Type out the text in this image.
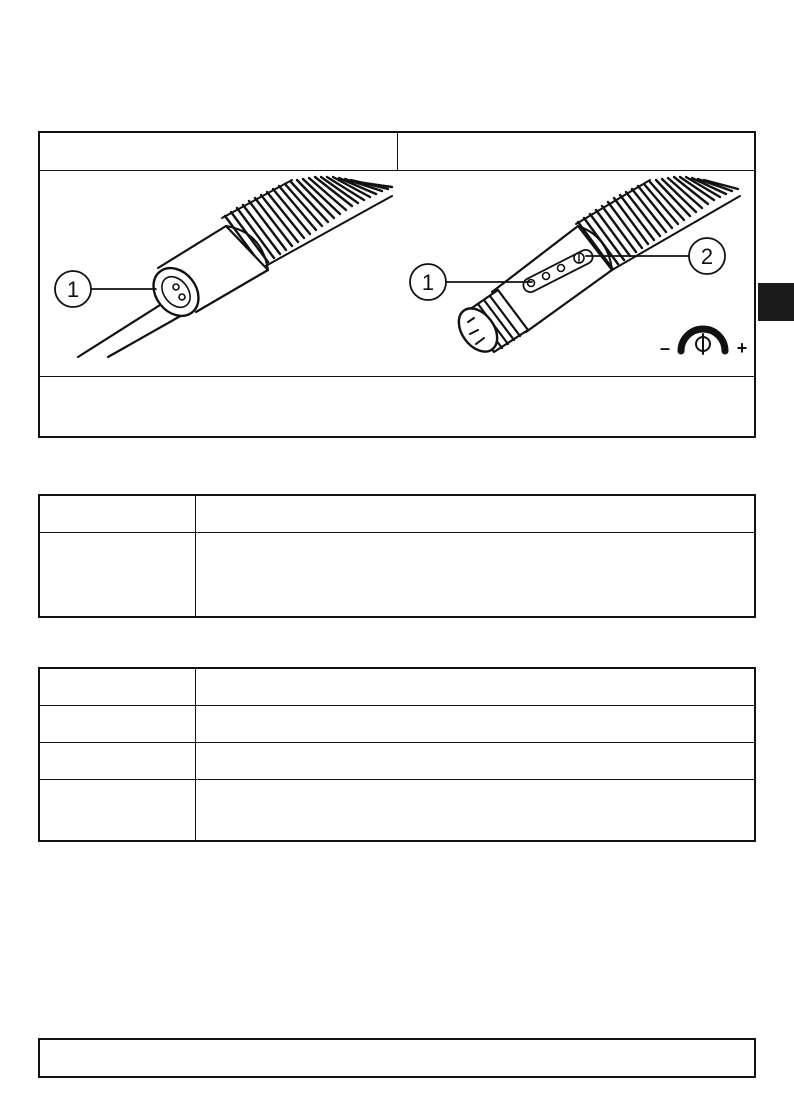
1	1
2
–	+
